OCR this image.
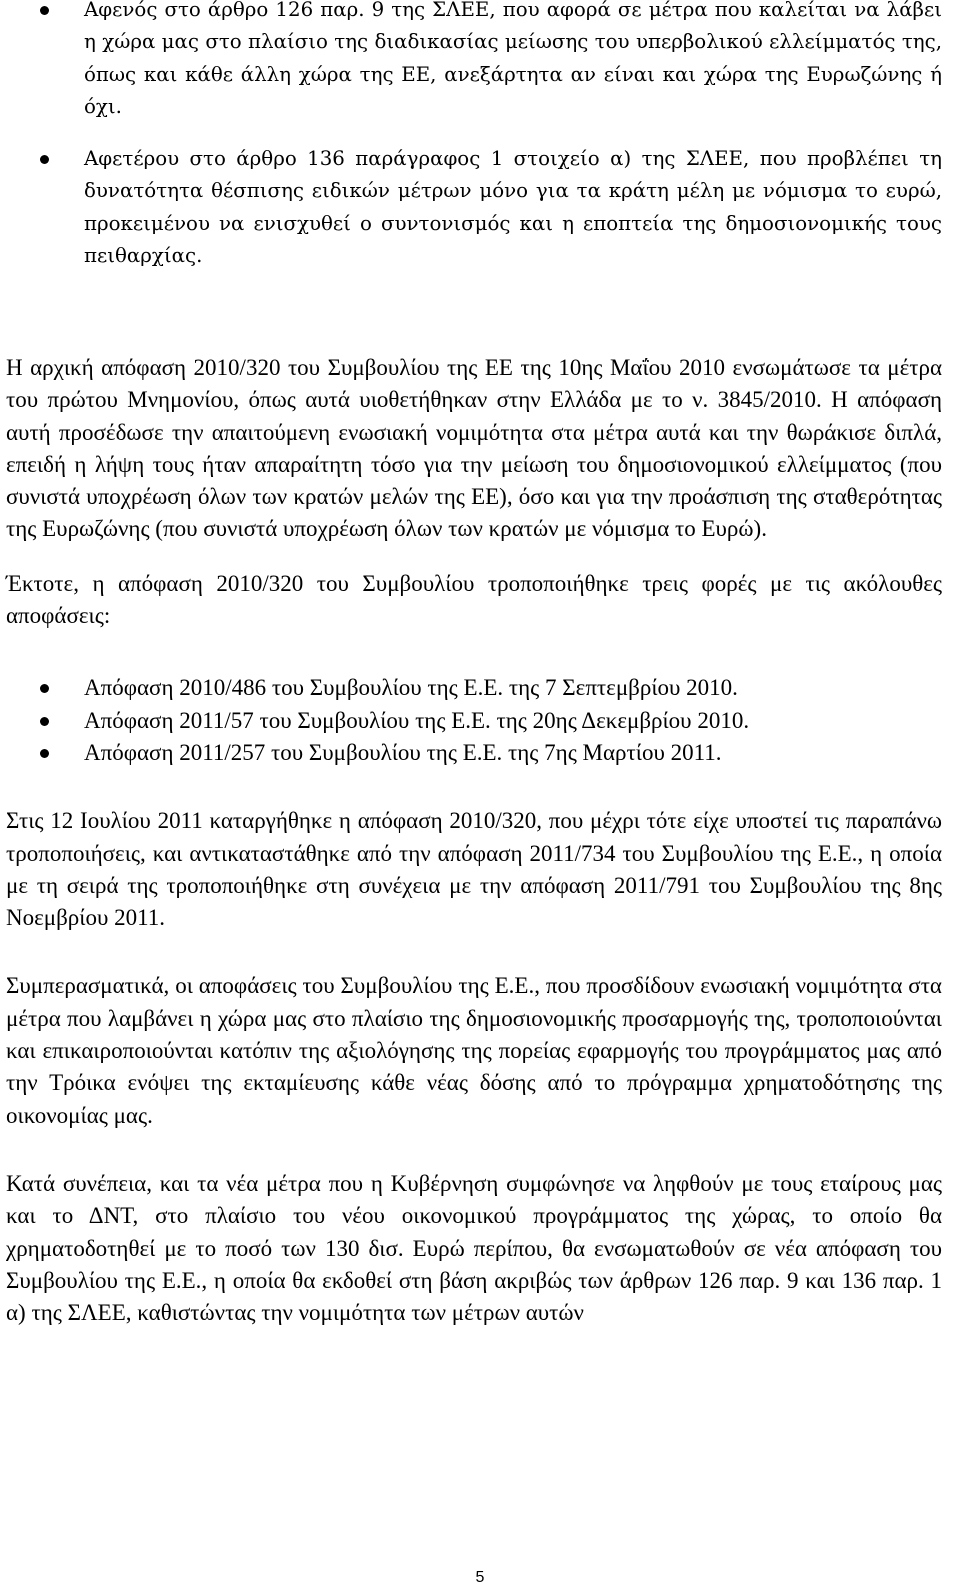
Αφενός στο άρθρο 126 παρ. 9 της ΣΛΕΕ, που αφορά σε μέτρα που καλείται να λάβει η χώρα μας στο πλαίσιο της διαδικασίας μείωσης του υπερβολικού ελλείμματός της, όπως και κάθε άλλη χώρα της ΕΕ, ανεξάρτητα αν είναι και χώρα της Ευρωζώνης ή όχι.
Αφετέρου στο άρθρο 136 παράγραφος 1 στοιχείο α) της ΣΛΕΕ, που προβλέπει τη δυνατότητα θέσπισης ειδικών μέτρων μόνο για τα κράτη μέλη με νόμισμα το ευρώ, προκειμένου να ενισχυθεί ο συντονισμός και η εποπτεία της δημοσιονομικής τους πειθαρχίας.

Η αρχική απόφαση 2010/320 του Συμβουλίου της ΕΕ της 10ης Μαΐου 2010 ενσωμάτωσε τα μέτρα του πρώτου Μνημονίου, όπως αυτά υιοθετήθηκαν στην Ελλάδα με το ν. 3845/2010. Η απόφαση αυτή προσέδωσε την απαιτούμενη ενωσιακή νομιμότητα στα μέτρα αυτά και την θωράκισε διπλά, επειδή η λήψη τους ήταν απαραίτητη τόσο για την μείωση του δημοσιονομικού ελλείμματος (που συνιστά υποχρέωση όλων των κρατών μελών της ΕΕ), όσο και για την προάσπιση της σταθερότητας της Ευρωζώνης (που συνιστά υποχρέωση όλων των κρατών με νόμισμα το Ευρώ).

Έκτοτε, η απόφαση 2010/320 του Συμβουλίου τροποποιήθηκε τρεις φορές με τις ακόλουθες αποφάσεις:

Απόφαση 2010/486 του Συμβουλίου της Ε.Ε. της 7 Σεπτεμβρίου 2010.
Απόφαση 2011/57 του Συμβουλίου της Ε.Ε. της 20ης Δεκεμβρίου 2010.
Απόφαση 2011/257 του Συμβουλίου της Ε.Ε. της 7ης Μαρτίου 2011.

Στις 12 Ιουλίου 2011 καταργήθηκε η απόφαση 2010/320, που μέχρι τότε είχε υποστεί τις παραπάνω τροποποιήσεις, και αντικαταστάθηκε από την απόφαση 2011/734 του Συμβουλίου της Ε.Ε., η οποία με τη σειρά της τροποποιήθηκε στη συνέχεια με την απόφαση 2011/791 του Συμβουλίου της 8ης Νοεμβρίου 2011.

Συμπερασματικά, οι αποφάσεις του Συμβουλίου της Ε.Ε., που προσδίδουν ενωσιακή νομιμότητα στα μέτρα που λαμβάνει η χώρα μας στο πλαίσιο της δημοσιονομικής προσαρμογής της, τροποποιούνται και επικαιροποιούνται κατόπιν της αξιολόγησης της πορείας εφαρμογής του προγράμματος μας από την Τρόικα ενόψει της εκταμίευσης κάθε νέας δόσης από το πρόγραμμα χρηματοδότησης της οικονομίας μας.

Κατά συνέπεια, και τα νέα μέτρα που η Κυβέρνηση συμφώνησε να ληφθούν με τους εταίρους μας και το ΔΝΤ, στο πλαίσιο του νέου οικονομικού προγράμματος της χώρας, το οποίο θα χρηματοδοτηθεί με το ποσό των 130 δισ. Ευρώ περίπου, θα ενσωματωθούν σε νέα απόφαση του Συμβουλίου της Ε.Ε., η οποία θα εκδοθεί στη βάση ακριβώς των άρθρων 126 παρ. 9 και 136 παρ. 1 α) της ΣΛΕΕ, καθιστώντας την νομιμότητα των μέτρων αυτών

5
